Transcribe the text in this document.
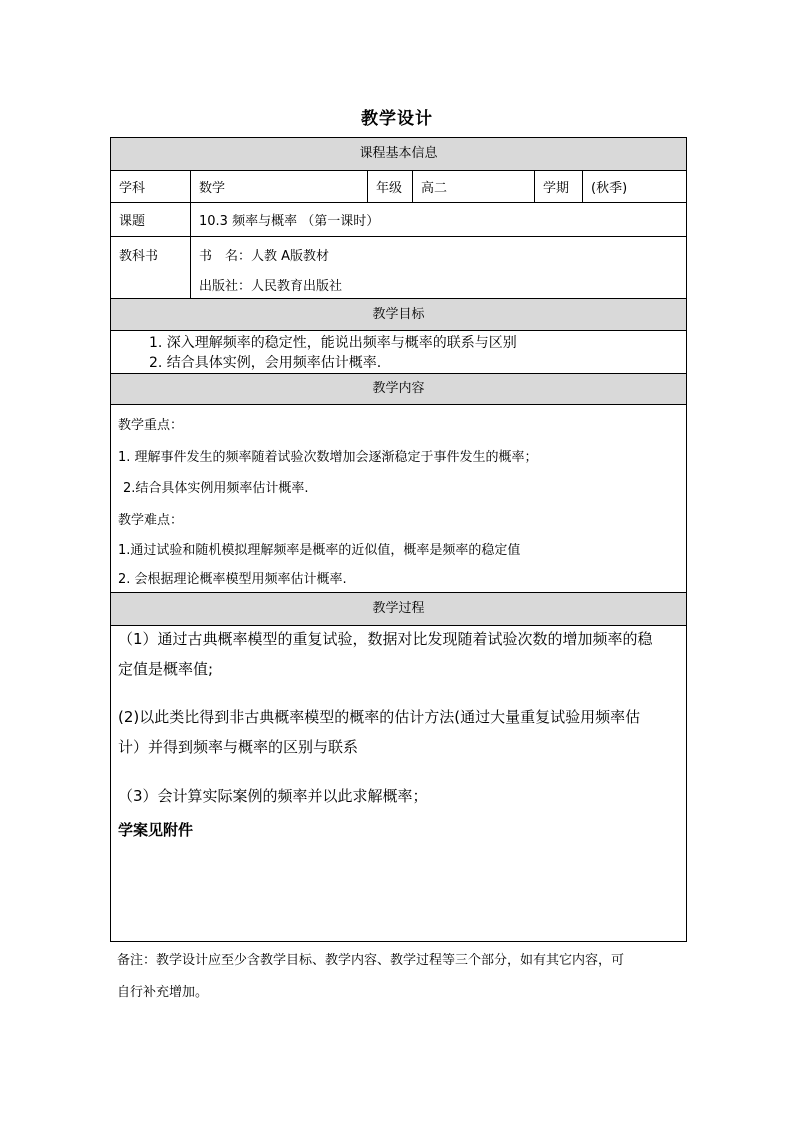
教学设计
课程基本信息
学科	数学	年级	高二	学期	(秋季)
课题	10.3 频率与概率 （第一课时）
教科书	书　名：人教 A版教材
出版社：人民教育出版社
教学目标
1. 深入理解频率的稳定性，能说出频率与概率的联系与区别
2. 结合具体实例，会用频率估计概率.
教学内容
教学重点：
1. 理解事件发生的频率随着试验次数增加会逐渐稳定于事件发生的概率；
2.结合具体实例用频率估计概率.
教学难点：
1.通过试验和随机模拟理解频率是概率的近似值，概率是频率的稳定值
2. 会根据理论概率模型用频率估计概率.
教学过程
（1）通过古典概率模型的重复试验，数据对比发现随着试验次数的增加频率的稳
定值是概率值;
(2)以此类比得到非古典概率模型的概率的估计方法(通过大量重复试验用频率估
计）并得到频率与概率的区别与联系
（3）会计算实际案例的频率并以此求解概率；
学案见附件
备注：教学设计应至少含教学目标、教学内容、教学过程等三个部分，如有其它内容，可
自行补充增加。
